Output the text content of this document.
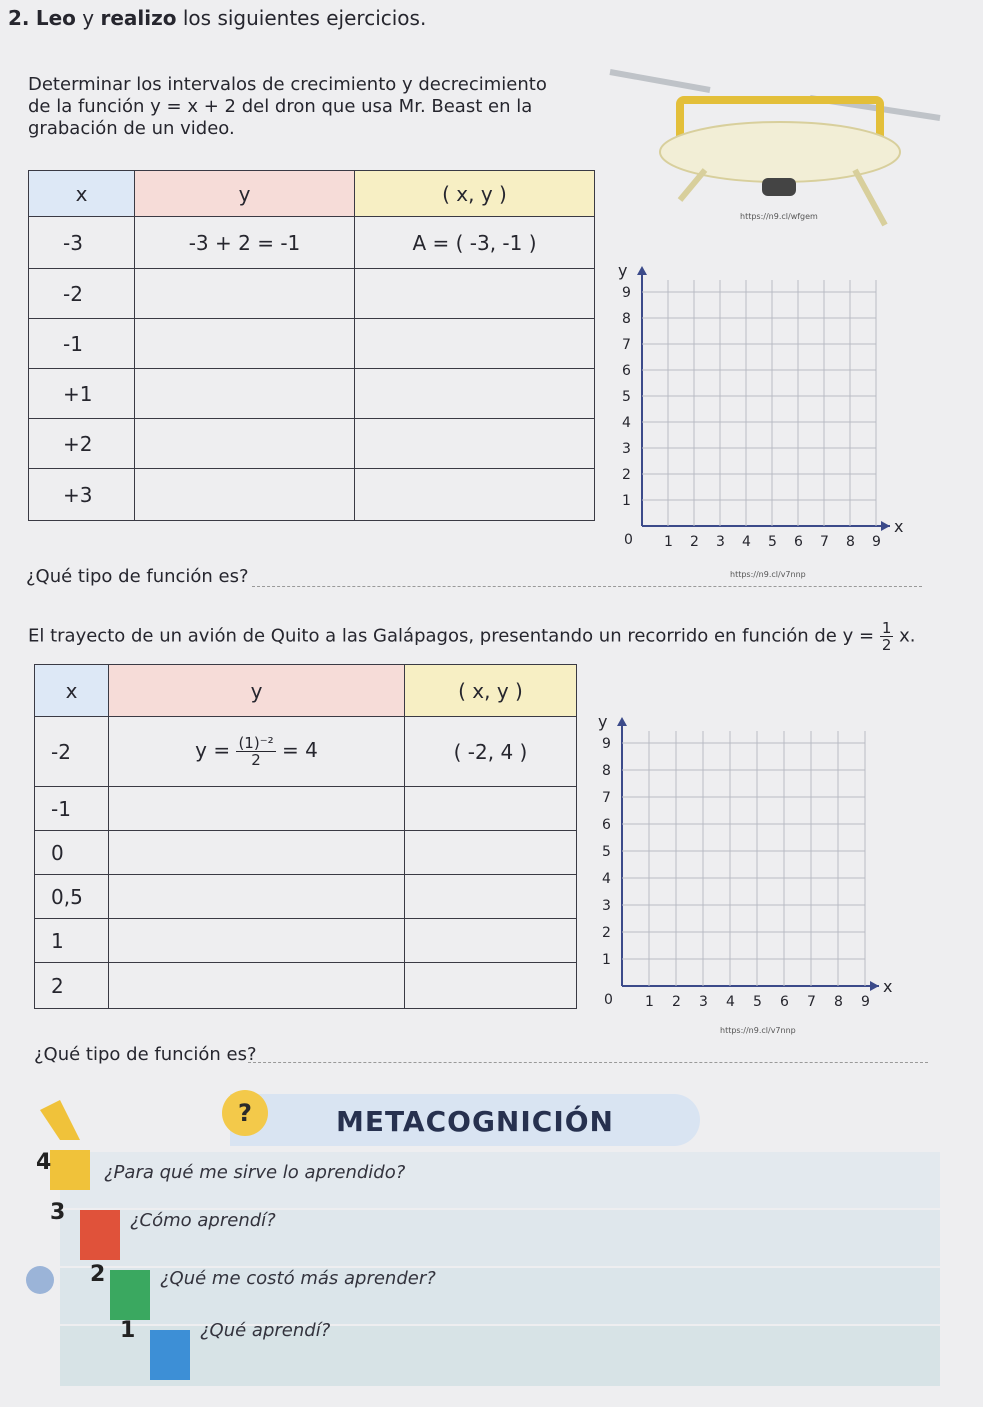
2. Leo y realizo los siguientes ejercicios.
Determinar los intervalos de crecimiento y decrecimiento
de la función y = x + 2 del dron que usa Mr. Beast en la
grabación de un video.
https://n9.cl/wfgem
x	y	( x, y )
-3	-3 + 2 = -1	A = ( -3, -1 )
-2		
-1		
+1		
+2		
+3		
y
x
0 1 2 3 4 5 6 7 8 9
1
2
3
4
5
6
7
8
9
https://n9.cl/v7nnp
¿Qué tipo de función es?
El trayecto de un avión de Quito a las Galápagos, presentando un recorrido en función de $y = \frac{1}{2} x$.
x	y	( x, y )
-2	$y = \frac{\text{(1)⁻²}}{2} = 4$	( -2, 4 )
-1		
0		
0,5		
1		
2		
y
x
0 1 2 3 4 5 6 7 8 9
1
2
3
4
5
6
7
8
9
https://n9.cl/v7nnp
¿Qué tipo de función es?
?	METACOGNICIÓN
4
3
2
1
¿Para qué me sirve lo aprendido?
¿Cómo aprendí?
¿Qué me costó más aprender?
¿Qué aprendí?
